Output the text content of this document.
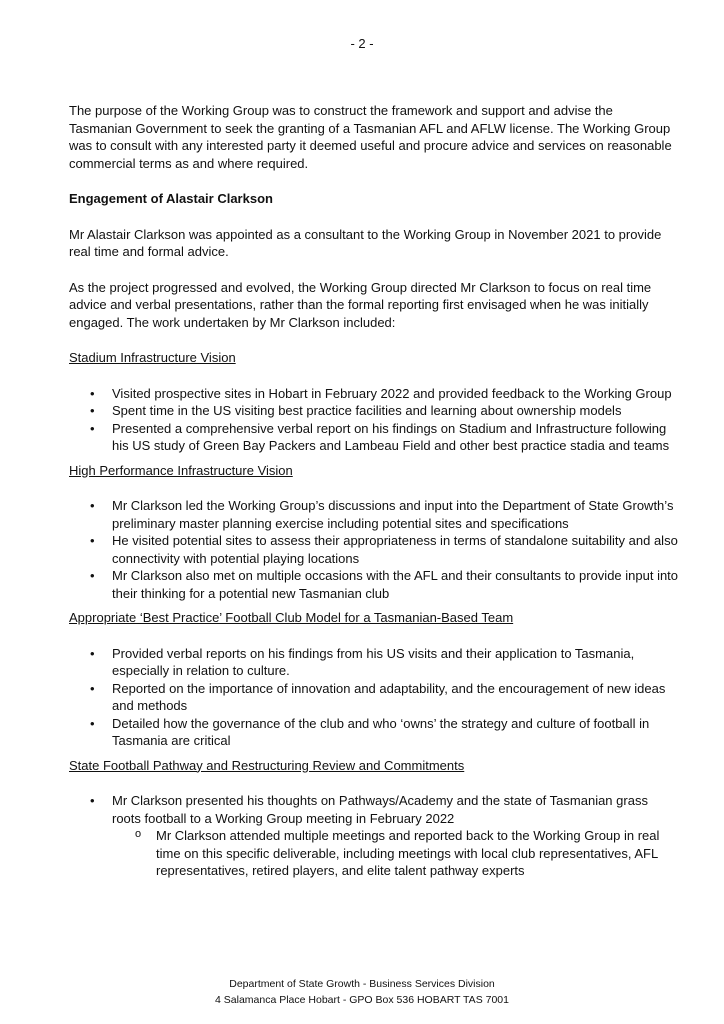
- 2 -

The purpose of the Working Group was to construct the framework and support and advise the Tasmanian Government to seek the granting of a Tasmanian AFL and AFLW license. The Working Group was to consult with any interested party it deemed useful and procure advice and services on reasonable commercial terms as and where required.

Engagement of Alastair Clarkson

Mr Alastair Clarkson was appointed as a consultant to the Working Group in November 2021 to provide real time and formal advice.

As the project progressed and evolved, the Working Group directed Mr Clarkson to focus on real time advice and verbal presentations, rather than the formal reporting first envisaged when he was initially engaged. The work undertaken by Mr Clarkson included:

Stadium Infrastructure Vision

• Visited prospective sites in Hobart in February 2022 and provided feedback to the Working Group
• Spent time in the US visiting best practice facilities and learning about ownership models
• Presented a comprehensive verbal report on his findings on Stadium and Infrastructure following his US study of Green Bay Packers and Lambeau Field and other best practice stadia and teams

High Performance Infrastructure Vision

• Mr Clarkson led the Working Group’s discussions and input into the Department of State Growth’s preliminary master planning exercise including potential sites and specifications
• He visited potential sites to assess their appropriateness in terms of standalone suitability and also connectivity with potential playing locations
• Mr Clarkson also met on multiple occasions with the AFL and their consultants to provide input into their thinking for a potential new Tasmanian club

Appropriate ‘Best Practice’ Football Club Model for a Tasmanian-Based Team

• Provided verbal reports on his findings from his US visits and their application to Tasmania, especially in relation to culture.
• Reported on the importance of innovation and adaptability, and the encouragement of new ideas and methods
• Detailed how the governance of the club and who ‘owns’ the strategy and culture of football in Tasmania are critical

State Football Pathway and Restructuring Review and Commitments

• Mr Clarkson presented his thoughts on Pathways/Academy and the state of Tasmanian grass roots football to a Working Group meeting in February 2022
o Mr Clarkson attended multiple meetings and reported back to the Working Group in real time on this specific deliverable, including meetings with local club representatives, AFL representatives, retired players, and elite talent pathway experts
Department of State Growth - Business Services Division
4 Salamanca Place Hobart - GPO Box 536 HOBART TAS 7001
